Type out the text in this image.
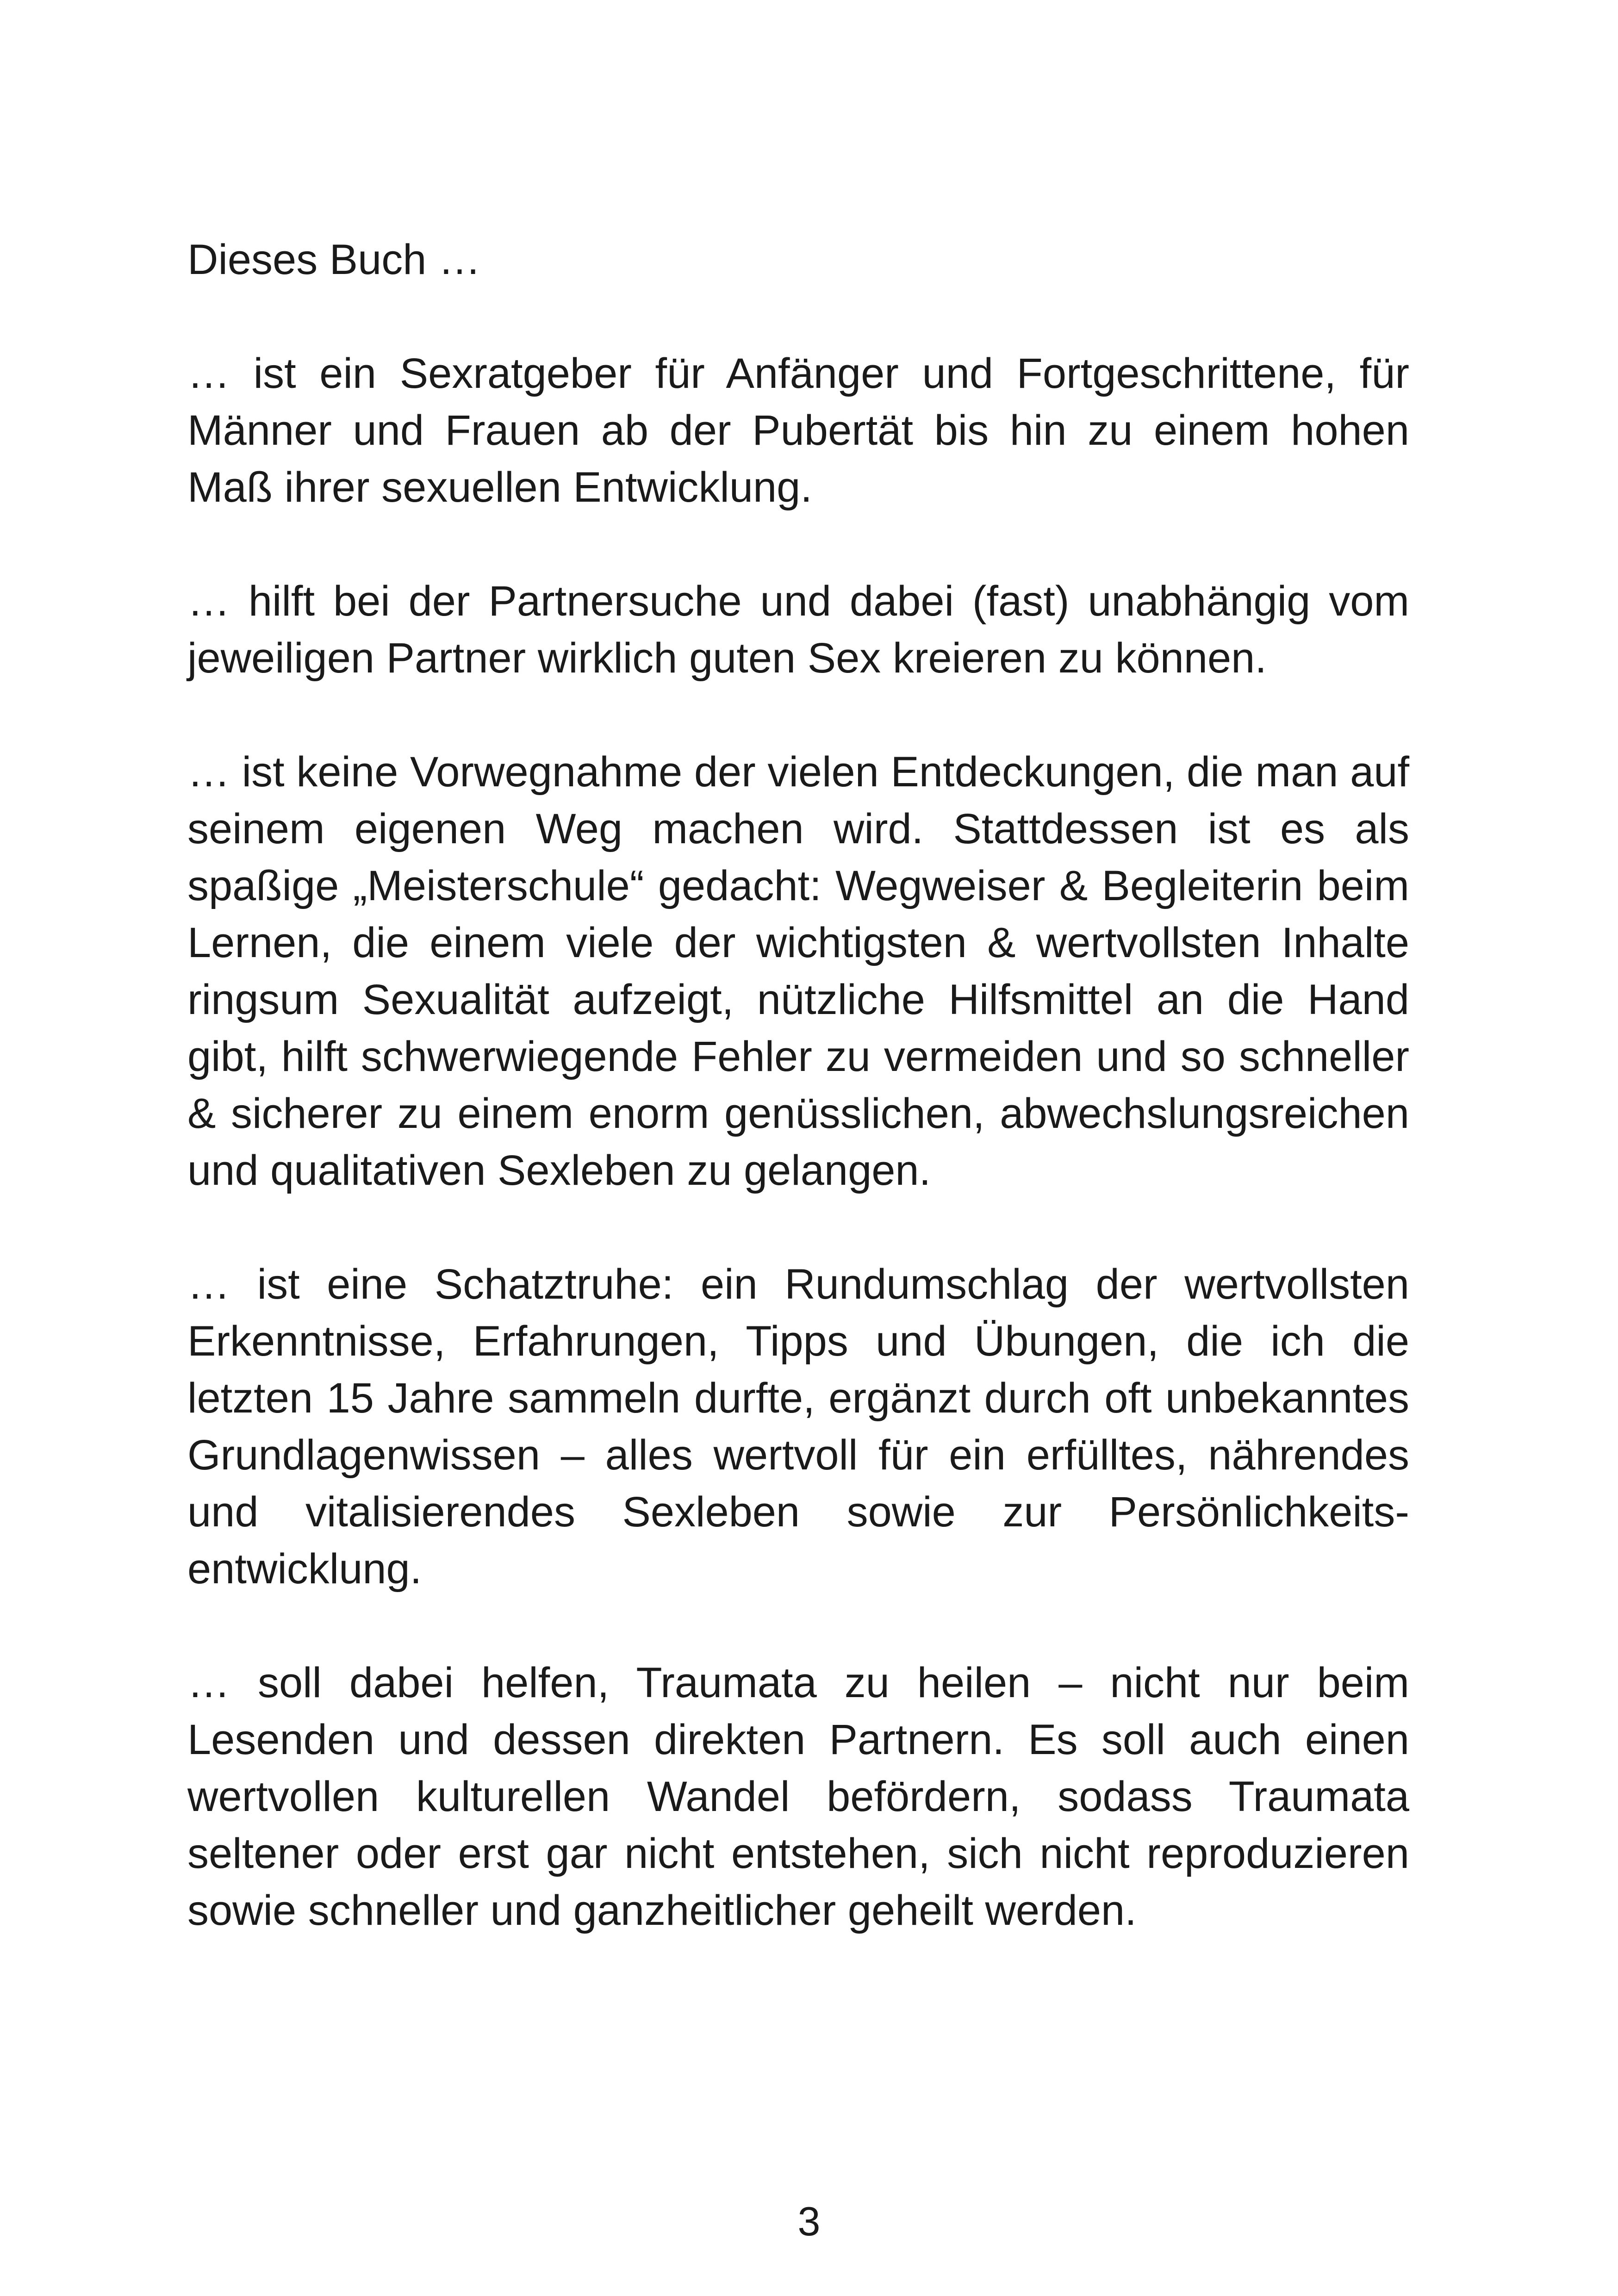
Dieses Buch …

… ist ein Sexratgeber für Anfänger und Fortgeschrittene, für Männer und Frauen ab der Pubertät bis hin zu einem hohen Maß ihrer sexuellen Entwicklung.

… hilft bei der Partnersuche und dabei (fast) unabhängig vom jeweiligen Partner wirklich guten Sex kreieren zu können.

… ist keine Vorwegnahme der vielen Entdeckungen, die man auf seinem eigenen Weg machen wird. Stattdessen ist es als spaßige „Meisterschule“ gedacht: Wegweiser & Begleiterin beim Lernen, die einem viele der wichtigsten & wertvollsten Inhalte ringsum Sexualität aufzeigt, nützliche Hilfsmittel an die Hand gibt, hilft schwerwiegende Fehler zu vermeiden und so schneller & sicherer zu einem enorm genüsslichen, abwechslungsreichen und qualitativen Sexleben zu gelangen.

… ist eine Schatztruhe: ein Rundumschlag der wertvollsten Erkenntnisse, Erfahrungen, Tipps und Übungen, die ich die letzten 15 Jahre sammeln durfte, ergänzt durch oft unbekanntes Grundlagenwissen – alles wertvoll für ein erfülltes, nährendes und vitalisierendes Sexleben sowie zur Persönlichkeitsentwicklung.

… soll dabei helfen, Traumata zu heilen – nicht nur beim Lesenden und dessen direkten Partnern. Es soll auch einen wertvollen kulturellen Wandel befördern, sodass Traumata seltener oder erst gar nicht entstehen, sich nicht reproduzieren sowie schneller und ganzheitlicher geheilt werden.

3
